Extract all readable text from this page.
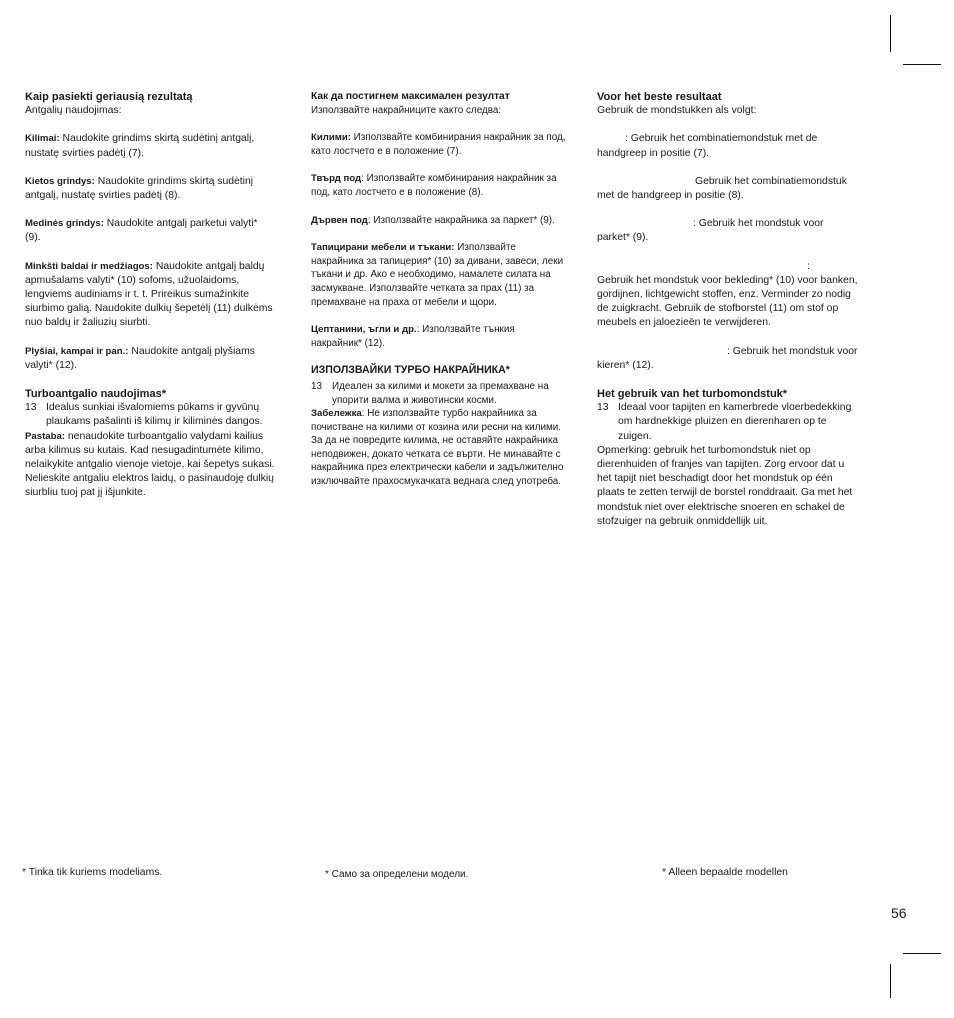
Kaip pasiekti geriausią rezultatą

Antgalių naudojimas:

Kilimai: Naudokite grindims skirtą sudėtinį antgalį, nustatę svirties padėtį (7).

Kietos grindys: Naudokite grindims skirtą sudėtinį antgalį, nustatę svirties padėtį (8).

Medinės grindys: Naudokite antgalį parketui valyti* (9).

Minkšti baldai ir medžiagos: Naudokite antgalį baldų apmušalams valyti* (10) sofoms, užuolaidoms, lengviems audiniams ir t. t. Prireikus sumažinkite siurbimo galią. Naudokite dulkių šepetėlį (11) dulkėms nuo baldų ir žaliuzių siurbti.

Plyšiai, kampai ir pan.: Naudokite antgalį plyšiams valyti* (12).

Turboantgalio naudojimas*

13 Idealus sunkiai išvalomiems pūkams ir gyvūnų plaukams pašalinti iš kilimų ir kiliminės dangos.

Pastaba: nenaudokite turboantgalio valydami kailius arba kilimus su kutais. Kad nesugadintumėte kilimo, nelaikykite antgalio vienoje vietoje, kai šepetys sukasi. Nelieskite antgaliu elektros laidų, o pasinaudoję dulkių siurbliu tuoj pat jį išjunkite.

Как да постигнем максимален резултат

Използвайте накрайниците както следва:

Килими: Използвайте комбинирания накрайник за под, като лостчето е в положение (7).

Твърд под: Използвайте комбинирания накрайник за под, като лостчето е в положение (8).

Дървен под: Използвайте накрайника за паркет* (9).

Тапицирани мебели и тъкани: Използвайте накрайника за тапицерия* (10) за дивани, завеси, леки тъкани и др. Ако е необходимо, намалете силата на засмукване. Използвайте четката за прах (11) за премахване на праха от мебели и щори.

Цептанини, ъгли и др.: Използвайте тънкия накрайник* (12).

ИЗПОЛЗВАЙКИ ТУРБО НАКРАЙНИКА*

13	Идеален за килими и мокети за премахване на упорити валма и животински косми.

Забележка: Не използвайте турбо накрайника за почистване на килими от козина или ресни на килими. За да не повредите килима, не оставяйте накрайника неподвижен, докато четката се върти. Не минавайте с накрайника през електрически кабели и задължително изключвайте прахосмукачката веднага след употреба.

Voor het beste resultaat

Gebruik de mondstukken als volgt:

: Gebruik het combinatiemondstuk met de handgreep in positie (7).

Gebruik het combinatiemondstuk met de handgreep in positie (8).

: Gebruik het mondstuk voor parket* (9).

:
Gebruik het mondstuk voor bekleding* (10) voor banken, gordijnen, lichtgewicht stoffen, enz. Verminder zo nodig de zuigkracht. Gebruik de stofborstel (11) om stof op meubels en jaloezieën te verwijderen.

: Gebruik het mondstuk voor kieren* (12).

Het gebruik van het turbomondstuk*

13 Ideaal voor tapijten en kamerbrede vloerbedekking om hardnekkige pluizen en dierenharen op te zuigen.

Opmerking: gebruik het turbomondstuk niet op dierenhuiden of franjes van tapijten. Zorg ervoor dat u het tapijt niet beschadigt door het mondstuk op één plaats te zetten terwijl de borstel ronddraait. Ga met het mondstuk niet over elektrische snoeren en schakel de stofzuiger na gebruik onmiddellijk uit.

* Tinka tik kuriems modeliams.	* Само за определени модели.	* Alleen bepaalde modellen

56
